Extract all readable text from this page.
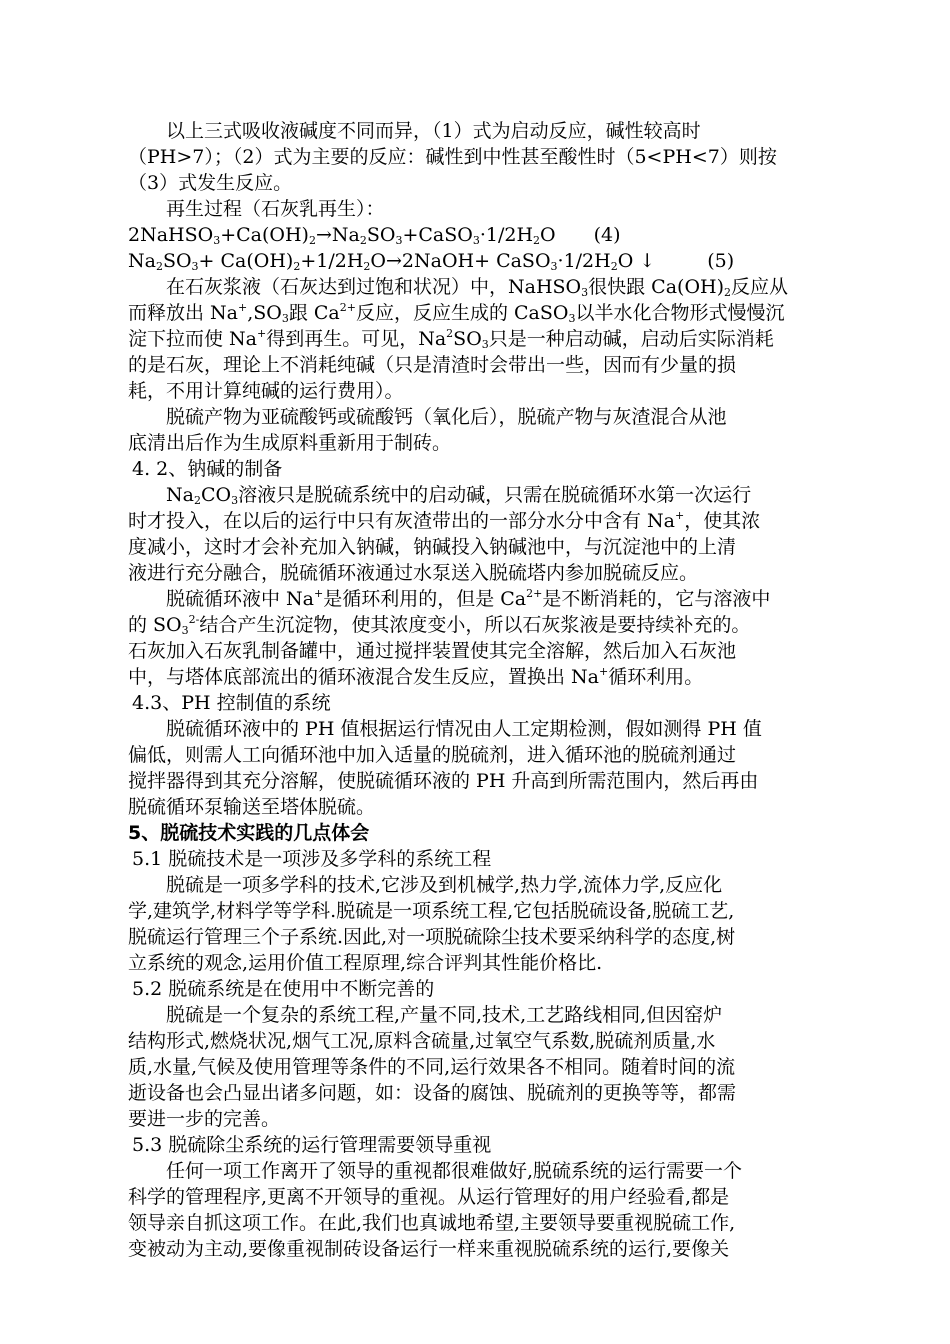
以上三式吸收液碱度不同而异，（1）式为启动反应，碱性较高时
（PH>7）；（2）式为主要的反应：碱性到中性甚至酸性时（5<PH<7）则按
（3）式发生反应。
再生过程（石灰乳再生）：
$2NaHSO_3+Ca(OH)_2\to Na_2SO_3+CaSO_3\cdot 1/2H_2O$ (4)
$Na_2SO_3+$ $Ca(OH)_2+1/2H_2O\to 2NaOH+$ $CaSO_3\cdot 1/2H_2O$ ↓	(5)
在石灰浆液（石灰达到过饱和状况）中，NaHSO$_3$很快跟 $Ca(OH)_2$反应从
而释放出 $Na^+,SO_3$跟 $Ca^{2+}$反应，反应生成的 CaSO$_3$以半水化合物形式慢慢沉
淀下拉而使 Na+得到再生。可见，$Na^2SO_3$只是一种启动碱，启动后实际消耗
的是石灰，理论上不消耗纯碱（只是清渣时会带出一些，因而有少量的损
耗，不用计算纯碱的运行费用）。
脱硫产物为亚硫酸钙或硫酸钙（氧化后），脱硫产物与灰渣混合从池
底清出后作为生成原料重新用于制砖。
4. 2、钠碱的制备
$Na_2CO_3$溶液只是脱硫系统中的启动碱，只需在脱硫循环水第一次运行
时才投入，在以后的运行中只有灰渣带出的一部分水分中含有 Na+，使其浓
度减小，这时才会补充加入钠碱，钠碱投入钠碱池中，与沉淀池中的上清
液进行充分融合，脱硫循环液通过水泵送入脱硫塔内参加脱硫反应。
脱硫循环液中 Na+是循环利用的，但是 $Ca^{2+}$是不断消耗的，它与溶液中
的 $SO_3^{2-}$结合产生沉淀物，使其浓度变小，所以石灰浆液是要持续补充的。
石灰加入石灰乳制备罐中，通过搅拌装置使其完全溶解，然后加入石灰池
中，与塔体底部流出的循环液混合发生反应，置换出 Na+循环利用。
4.3、PH 控制值的系统
脱硫循环液中的 PH 值根据运行情况由人工定期检测，假如测得 PH 值
偏低，则需人工向循环池中加入适量的脱硫剂，进入循环池的脱硫剂通过
搅拌器得到其充分溶解，使脱硫循环液的 PH 升高到所需范围内，然后再由
脱硫循环泵输送至塔体脱硫。
5、脱硫技术实践的几点体会
5.1 脱硫技术是一项涉及多学科的系统工程
脱硫是一项多学科的技术,它涉及到机械学,热力学,流体力学,反应化
学,建筑学,材料学等学科.脱硫是一项系统工程,它包括脱硫设备,脱硫工艺,
脱硫运行管理三个子系统.因此,对一项脱硫除尘技术要采纳科学的态度,树
立系统的观念,运用价值工程原理,综合评判其性能价格比.
5.2 脱硫系统是在使用中不断完善的
脱硫是一个复杂的系统工程,产量不同,技术,工艺路线相同,但因窑炉
结构形式,燃烧状况,烟气工况,原料含硫量,过氧空气系数,脱硫剂质量,水
质,水量,气候及使用管理等条件的不同,运行效果各不相同。随着时间的流
逝设备也会凸显出诸多问题，如：设备的腐蚀、脱硫剂的更换等等，都需
要进一步的完善。
5.3 脱硫除尘系统的运行管理需要领导重视
任何一项工作离开了领导的重视都很难做好,脱硫系统的运行需要一个
科学的管理程序,更离不开领导的重视。从运行管理好的用户经验看,都是
领导亲自抓这项工作。在此,我们也真诚地希望,主要领导要重视脱硫工作,
变被动为主动,要像重视制砖设备运行一样来重视脱硫系统的运行,要像关
